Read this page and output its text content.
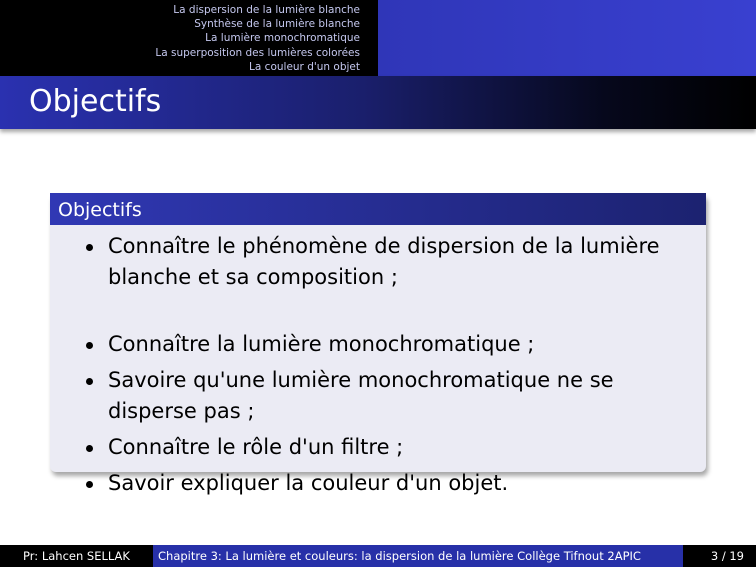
La dispersion de la lumière blanche
Synthèse de la lumière blanche
La lumière monochromatique
La superposition des lumières colorées
La couleur d'un objet
Objectifs
Objectifs
Connaître le phénomène de dispersion de la lumière blanche et sa composition ;
Connaître la lumière monochromatique ;
Savoire qu'une lumière monochromatique ne se disperse pas ;
Connaître le rôle d'un filtre ;
Savoir expliquer la couleur d'un objet.
Pr: Lahcen SELLAK	Chapitre 3: La lumière et couleurs: la dispersion de la lumière Collège Tifnout 2APIC	3 / 19
